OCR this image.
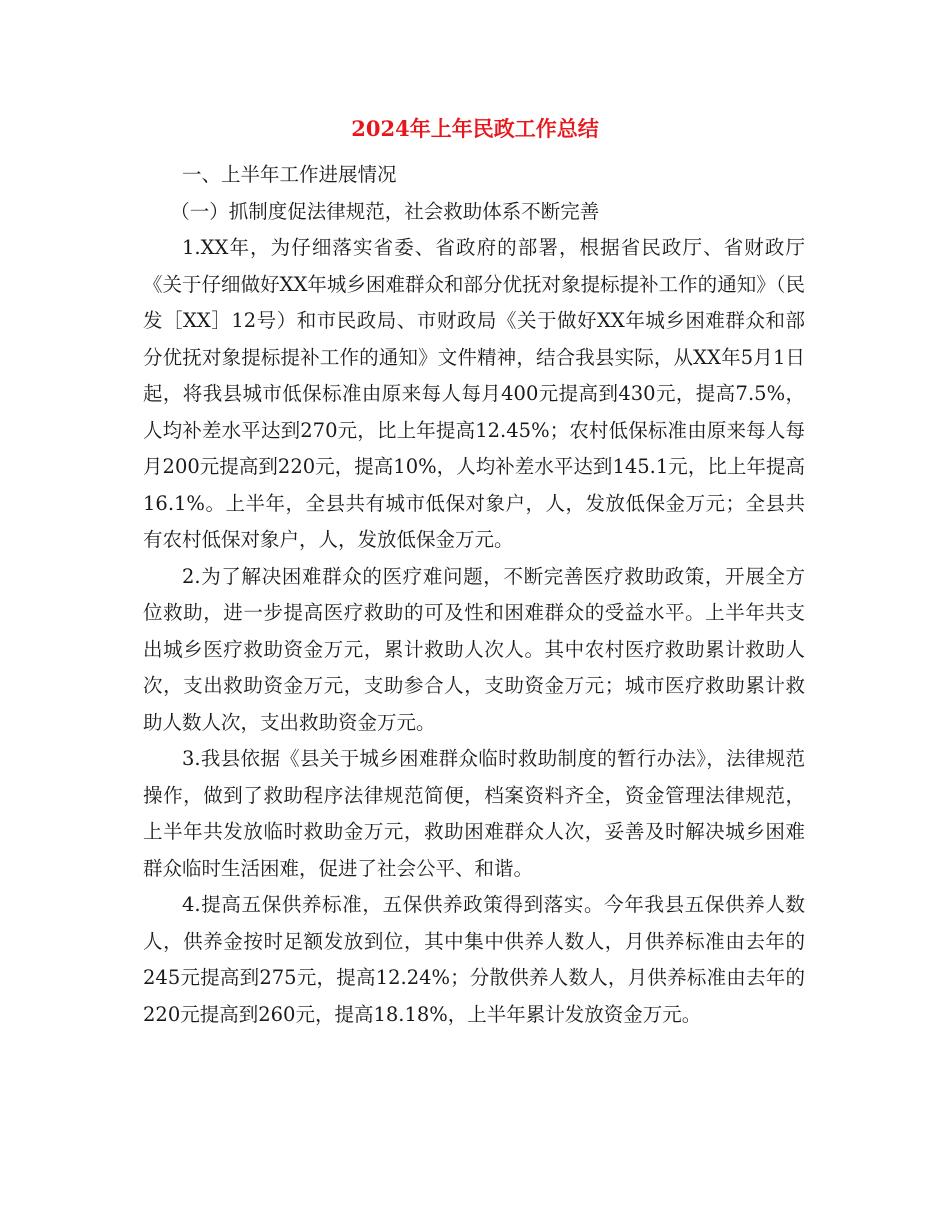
2024年上年民政工作总结

一、上半年工作进展情况

（一）抓制度促法律规范，社会救助体系不断完善

1.XX年，为仔细落实省委、省政府的部署，根据省民政厅、省财政厅《关于仔细做好XX年城乡困难群众和部分优抚对象提标提补工作的通知》（民发［XX］12号）和市民政局、市财政局《关于做好XX年城乡困难群众和部分优抚对象提标提补工作的通知》文件精神，结合我县实际，从XX年5月1日起，将我县城市低保标准由原来每人每月400元提高到430元，提高7.5%，人均补差水平达到270元，比上年提高12.45%；农村低保标准由原来每人每月200元提高到220元，提高10%，人均补差水平达到145.1元，比上年提高16.1%。上半年，全县共有城市低保对象户，人，发放低保金万元；全县共有农村低保对象户，人，发放低保金万元。

2.为了解决困难群众的医疗难问题，不断完善医疗救助政策，开展全方位救助，进一步提高医疗救助的可及性和困难群众的受益水平。上半年共支出城乡医疗救助资金万元，累计救助人次人。其中农村医疗救助累计救助人次，支出救助资金万元，支助参合人，支助资金万元；城市医疗救助累计救助人数人次，支出救助资金万元。

3.我县依据《县关于城乡困难群众临时救助制度的暂行办法》，法律规范操作，做到了救助程序法律规范简便，档案资料齐全，资金管理法律规范，上半年共发放临时救助金万元，救助困难群众人次，妥善及时解决城乡困难群众临时生活困难，促进了社会公平、和谐。

4.提高五保供养标准，五保供养政策得到落实。今年我县五保供养人数人，供养金按时足额发放到位，其中集中供养人数人，月供养标准由去年的245元提高到275元，提高12.24%；分散供养人数人，月供养标准由去年的220元提高到260元，提高18.18%，上半年累计发放资金万元。
